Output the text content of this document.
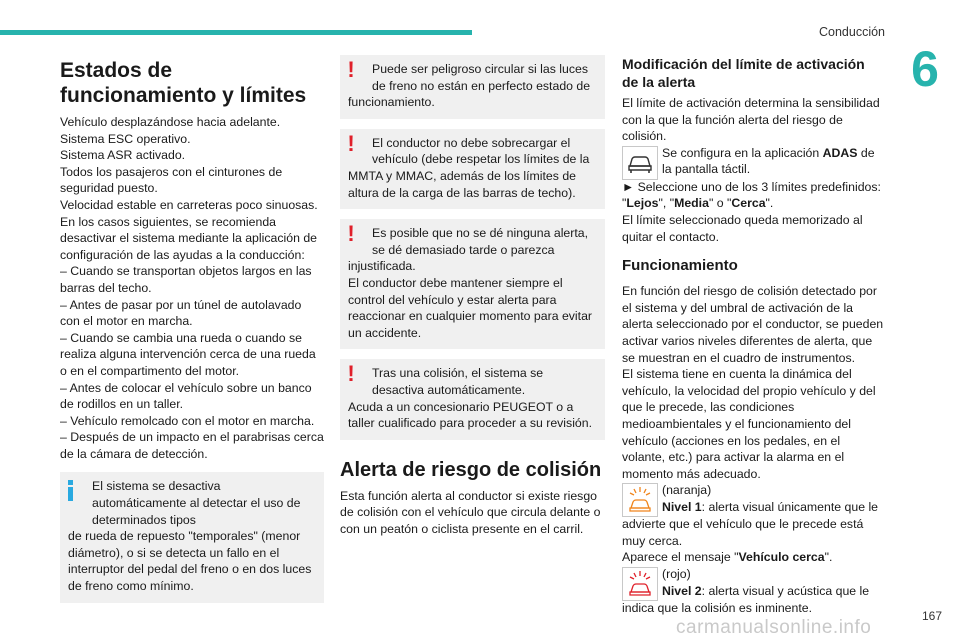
Conducción
6
Estados de funcionamiento y límites

Vehículo desplazándose hacia adelante.

Sistema ESC operativo.

Sistema ASR activado.

Todos los pasajeros con el cinturones de seguridad puesto.

Velocidad estable en carreteras poco sinuosas.

En los casos siguientes, se recomienda desactivar el sistema mediante la aplicación de configuración de las ayudas a la conducción:

– Cuando se transportan objetos largos en las barras del techo.

– Antes de pasar por un túnel de autolavado con el motor en marcha.

– Cuando se cambia una rueda o cuando se realiza alguna intervención cerca de una rueda o en el compartimento del motor.

– Antes de colocar el vehículo sobre un banco de rodillos en un taller.

– Vehículo remolcado con el motor en marcha.

– Después de un impacto en el parabrisas cerca de la cámara de detección.

El sistema se desactiva automáticamente al detectar el uso de determinados tipos

de rueda de repuesto "temporales" (menor diámetro), o si se detecta un fallo en el interruptor del pedal del freno o en dos luces de freno como mínimo.

!	Puede ser peligroso circular si las luces de freno no están en perfecto estado de

funcionamiento.

!	El conductor no debe sobrecargar el vehículo (debe respetar los límites de la

MMTA y MMAC, además de los límites de altura de la carga de las barras de techo).

!	Es posible que no se dé ninguna alerta, se dé demasiado tarde o parezca

injustificada.
El conductor debe mantener siempre el control del vehículo y estar alerta para reaccionar en cualquier momento para evitar un accidente.

!	Tras una colisión, el sistema se desactiva automáticamente.

Acuda a un concesionario PEUGEOT o a taller cualificado para proceder a su revisión.

Alerta de riesgo de colisión

Esta función alerta al conductor si existe riesgo de colisión con el vehículo que circula delante o con un peatón o ciclista presente en el carril.

Modificación del límite de activación de la alerta

El límite de activación determina la sensibilidad con la que la función alerta del riesgo de colisión.

Se configura en la aplicación ADAS de la pantalla táctil.

► Seleccione uno de los 3 límites predefinidos:

"Lejos", "Media" o "Cerca".

El límite seleccionado queda memorizado al quitar el contacto.

Funcionamiento

En función del riesgo de colisión detectado por el sistema y del umbral de activación de la alerta seleccionado por el conductor, se pueden activar varios niveles diferentes de alerta, que se muestran en el cuadro de instrumentos.
El sistema tiene en cuenta la dinámica del vehículo, la velocidad del propio vehículo y del que le precede, las condiciones medioambientales y el funcionamiento del vehículo (acciones en los pedales, en el volante, etc.) para activar la alarma en el momento más adecuado.

(naranja)

Nivel 1: alerta visual únicamente que le

advierte que el vehículo que le precede está muy cerca.

Aparece el mensaje "Vehículo cerca".

(rojo)

Nivel 2: alerta visual y acústica que le

indica que la colisión es inminente.

167
carmanualsonline.info
